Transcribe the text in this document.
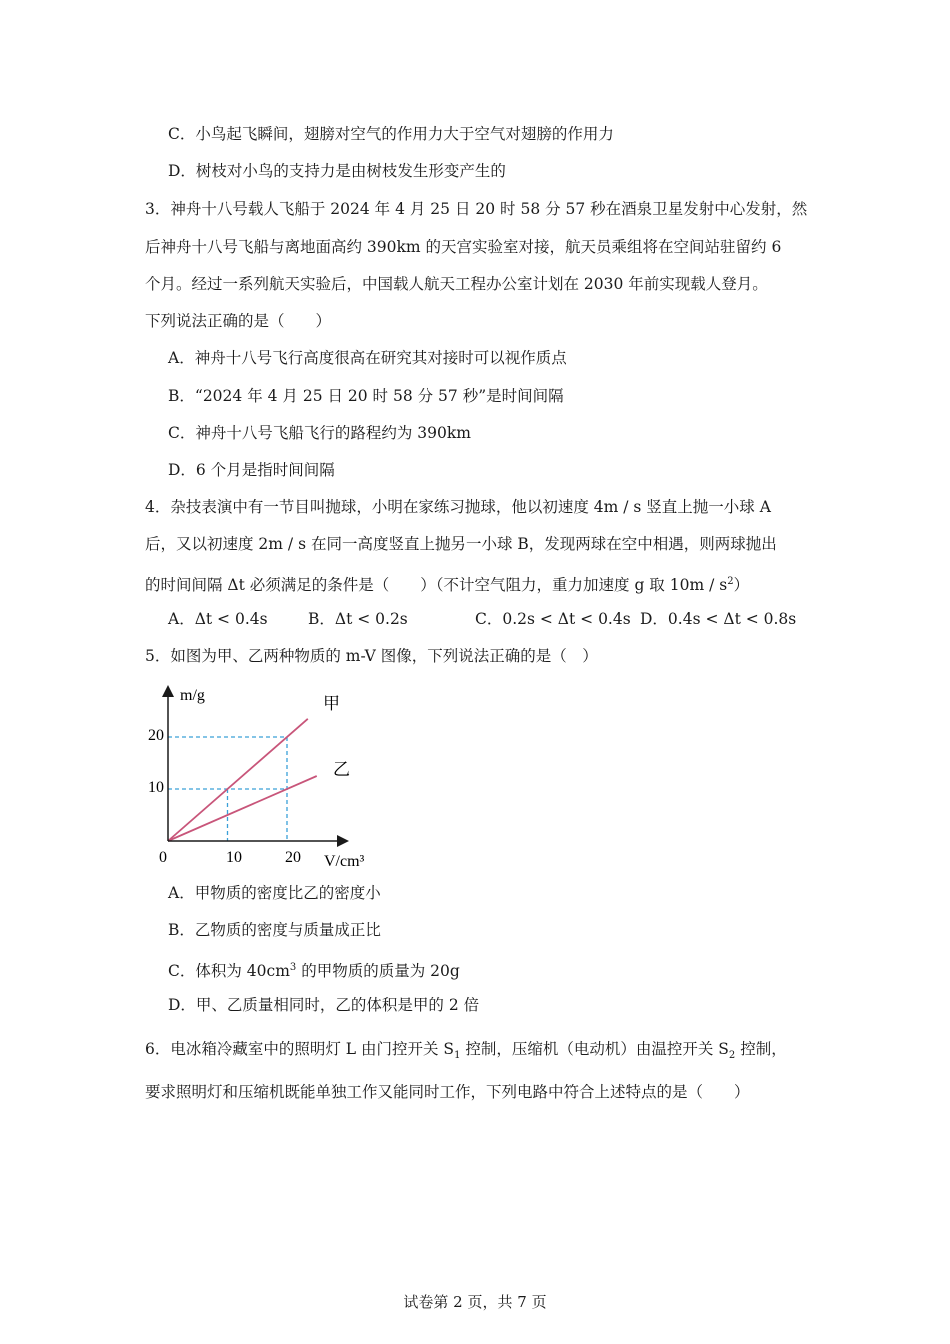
C．小鸟起飞瞬间，翅膀对空气的作用力大于空气对翅膀的作用力
D．树枝对小鸟的支持力是由树枝发生形变产生的
3．神舟十八号载人飞船于 2024 年 4 月 25 日 20 时 58 分 57 秒在酒泉卫星发射中心发射，然
后神舟十八号飞船与离地面高约 390km 的天宫实验室对接，航天员乘组将在空间站驻留约 6
个月。经过一系列航天实验后，中国载人航天工程办公室计划在 2030 年前实现载人登月。
下列说法正确的是（　　）
A．神舟十八号飞行高度很高在研究其对接时可以视作质点
B．“2024 年 4 月 25 日 20 时 58 分 57 秒”是时间间隔
C．神舟十八号飞船飞行的路程约为 390km
D．6 个月是指时间间隔
4．杂技表演中有一节目叫抛球，小明在家练习抛球，他以初速度 4m / s 竖直上抛一小球 A
后，又以初速度 2m / s 在同一高度竖直上抛另一小球 B，发现两球在空中相遇，则两球抛出
的时间间隔 Δt 必须满足的条件是（　　）（不计空气阻力，重力加速度 g 取 $10m / s^2$）
A．Δt < 0.4s	B．Δt < 0.2s	C．0.2s < Δt < 0.4s D．0.4s < Δt < 0.8s
5．如图为甲、乙两种物质的 m-V 图像，下列说法正确的是（　）
m/g
V/cm³
0	10	20
10
20
甲
乙
A．甲物质的密度比乙的密度小
B．乙物质的密度与质量成正比
C．体积为 $40cm^3$ 的甲物质的质量为 20g
D．甲、乙质量相同时，乙的体积是甲的 2 倍
6．电冰箱冷藏室中的照明灯 L 由门控开关 $S_1$ 控制，压缩机（电动机）由温控开关 $S_2$ 控制，
要求照明灯和压缩机既能单独工作又能同时工作，下列电路中符合上述特点的是（　　）
试卷第 2 页，共 7 页
